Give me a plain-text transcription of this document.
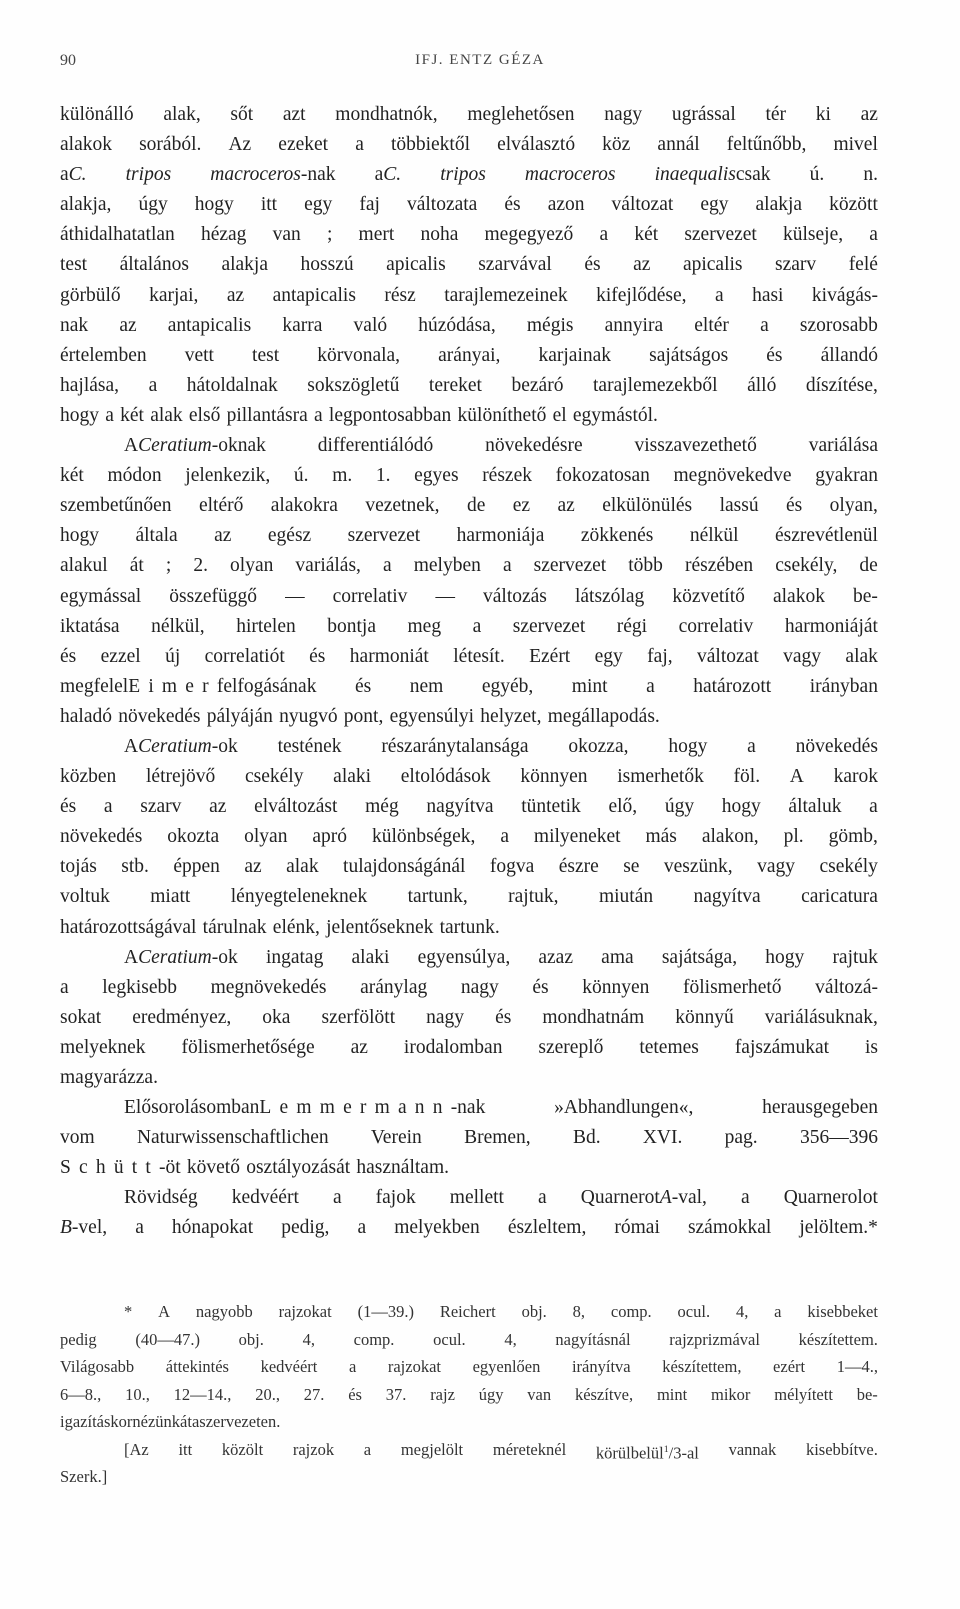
90	IFJ. ENTZ GÉZA
különálló alak, sőt azt mondhatnók, meglehetősen nagy ugrással tér ki az
alakok sorából. Az ezeket a többiektől elválasztó köz annál feltűnőbb, mivel
aC. tripos macroceros-nak aC. tripos macroceros inaequaliscsak ú. n.
alakja, úgy hogy itt egy faj változata és azon változat egy alakja között
áthidalhatatlan hézag van ; mert noha megegyező a két szervezet külseje, a
test általános alakja hosszú apicalis szarvával és az apicalis szarv felé
görbülő karjai, az antapicalis rész tarajlemezeinek kifejlődése, a hasi kivágás-
nak az antapicalis karra való húzódása, mégis annyira eltér a szorosabb
értelemben vett test körvonala, arányai, karjainak sajátságos és állandó
hajlása, a hátoldalnak sokszögletű tereket bezáró tarajlemezekből álló díszítése,
hogy a két alak első pillantásra a legpontosabban különíthető el egymástól.
ACeratium-oknak	differentiálódó	növekedésre	visszavezethető	variálása
két módon jelenkezik, ú. m. 1. egyes részek fokozatosan megnövekedve gyakran
szembetűnően eltérő alakokra vezetnek, de ez az elkülönülés lassú és olyan,
hogy általa az egész szervezet harmoniája zökkenés nélkül észrevétlenül
alakul át ; 2. olyan variálás, a melyben a szervezet több részében csekély, de
egymással összefüggő — correlativ — változás látszólag közvetítő alakok be-
iktatása nélkül, hirtelen bontja meg a szervezet régi correlativ harmoniáját
és ezzel új correlatiót és harmoniát létesít. Ezért egy faj, változat vagy alak
megfelelEimerfelfogásának és nem egyéb, mint a határozott irányban
haladó növekedés pályáján nyugvó pont, egyensúlyi helyzet, megállapodás.
ACeratium-ok testének részaránytalansága okozza, hogy a növekedés
közben létrejövő csekély alaki eltolódások könnyen ismerhetők föl. A karok
és a szarv az elváltozást még nagyítva tüntetik elő, úgy hogy általuk a
növekedés okozta olyan apró különbségek, a milyeneket más alakon, pl. gömb,
tojás stb. éppen az alak tulajdonságánál fogva észre se veszünk, vagy csekély
voltuk miatt lényegteleneknek tartunk, rajtuk, miután nagyítva caricatura
határozottságával tárulnak elénk, jelentőseknek tartunk.
ACeratium-ok ingatag alaki egyensúlya, azaz ama sajátsága, hogy rajtuk
a legkisebb megnövekedés aránylag nagy és könnyen fölismerhető változá-
sokat eredményez, oka szerfölött nagy és mondhatnám könnyű variálásuknak,
melyeknek fölismerhetősége az irodalomban szereplő tetemes fajszámukat is
magyarázza.
ElősorolásombanLemmermann-nak	»Abhandlungen«,	herausgegeben
vom Naturwissenschaftlichen Verein Bremen, Bd. XVI. pag. 356—396
Schütt-öt követő osztályozását használtam.
Rövidség kedvéért a fajok mellett a QuarnerotA-val, a Quarnerolot
B-vel, a hónapokat pedig, a melyekben észleltem, római számokkal jelöltem.*
* A nagyobb rajzokat (1—39.) Reichert obj. 8, comp. ocul. 4, a kisebbeket
pedig (40—47.) obj. 4, comp. ocul. 4, nagyításnál rajzprizmával készítettem.
Világosabb áttekintés kedvéért a rajzokat egyenlően irányítva készítettem, ezért 1—4.,
6—8., 10., 12—14., 20., 27. és 37. rajz úgy van készítve, mint mikor mélyített be-
igazításkor nézünk át a szervezeten.
[Az itt közölt rajzok a megjelölt méreteknél körülbelül$^1$/3-al vannak kisebbítve.
Szerk.]
